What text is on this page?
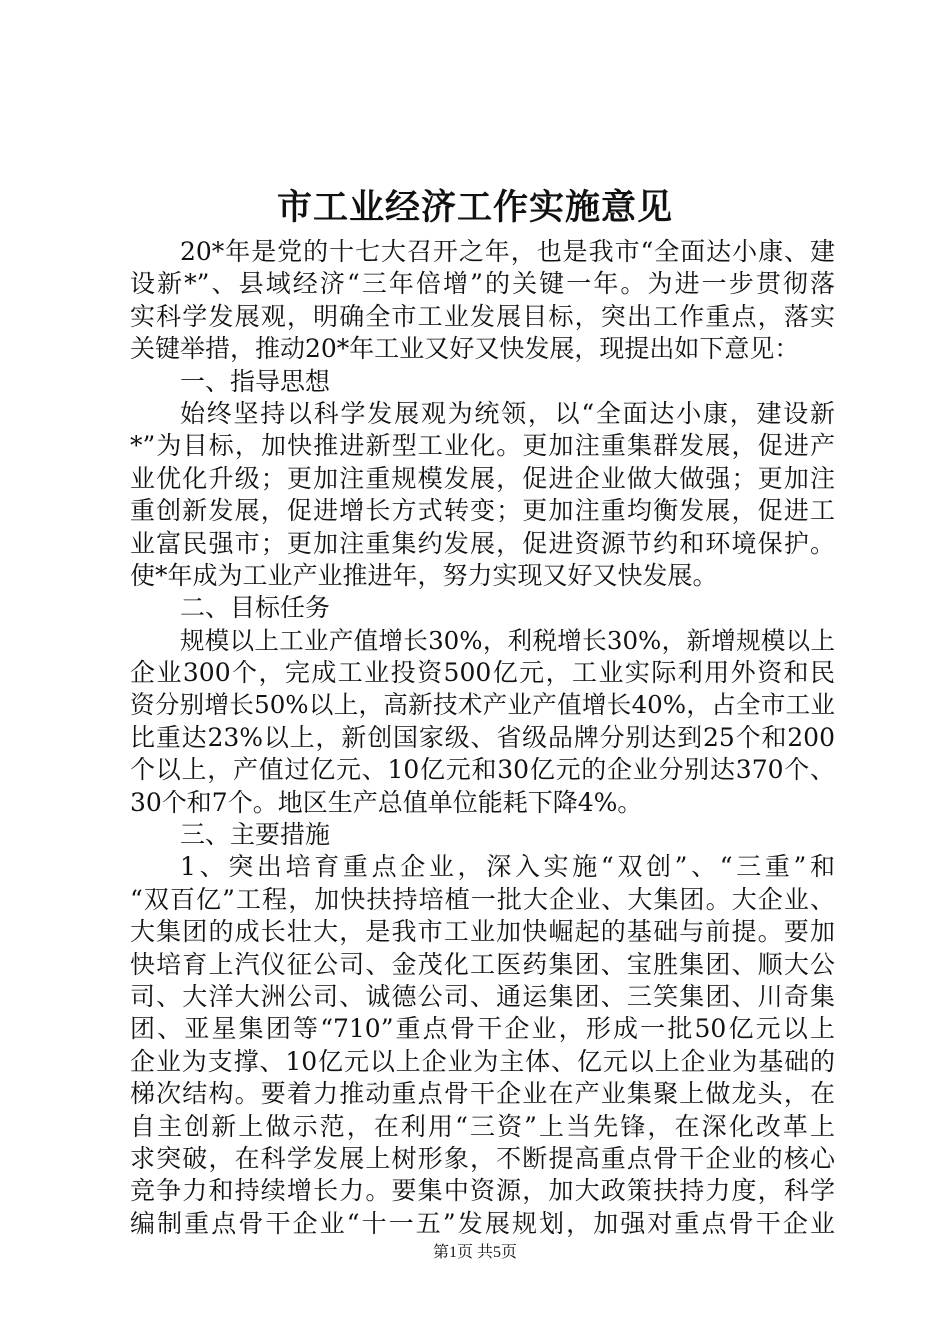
市工业经济工作实施意见
20*年是党的十七大召开之年，也是我市“全面达小康、建
设新*”、县域经济“三年倍增”的关键一年。为进一步贯彻落
实科学发展观，明确全市工业发展目标，突出工作重点，落实
关键举措，推动20*年工业又好又快发展，现提出如下意见：
一、指导思想
始终坚持以科学发展观为统领，以“全面达小康，建设新
*”为目标，加快推进新型工业化。更加注重集群发展，促进产
业优化升级；更加注重规模发展，促进企业做大做强；更加注
重创新发展，促进增长方式转变；更加注重均衡发展，促进工
业富民强市；更加注重集约发展，促进资源节约和环境保护。
使*年成为工业产业推进年，努力实现又好又快发展。
二、目标任务
规模以上工业产值增长30%，利税增长30%，新增规模以上
企业300个，完成工业投资500亿元，工业实际利用外资和民
资分别增长50%以上，高新技术产业产值增长40%，占全市工业
比重达23%以上，新创国家级、省级品牌分别达到25个和200
个以上，产值过亿元、10亿元和30亿元的企业分别达370个、
30个和7个。地区生产总值单位能耗下降4%。
三、主要措施
1、突出培育重点企业，深入实施“双创”、“三重”和
“双百亿”工程，加快扶持培植一批大企业、大集团。大企业、
大集团的成长壮大，是我市工业加快崛起的基础与前提。要加
快培育上汽仪征公司、金茂化工医药集团、宝胜集团、顺大公
司、大洋大洲公司、诚德公司、通运集团、三笑集团、川奇集
团、亚星集团等“710”重点骨干企业，形成一批50亿元以上
企业为支撑、10亿元以上企业为主体、亿元以上企业为基础的
梯次结构。要着力推动重点骨干企业在产业集聚上做龙头，在
自主创新上做示范，在利用“三资”上当先锋，在深化改革上
求突破，在科学发展上树形象，不断提高重点骨干企业的核心
竞争力和持续增长力。要集中资源，加大政策扶持力度，科学
编制重点骨干企业“十一五”发展规划，加强对重点骨干企业
第1页 共5页
